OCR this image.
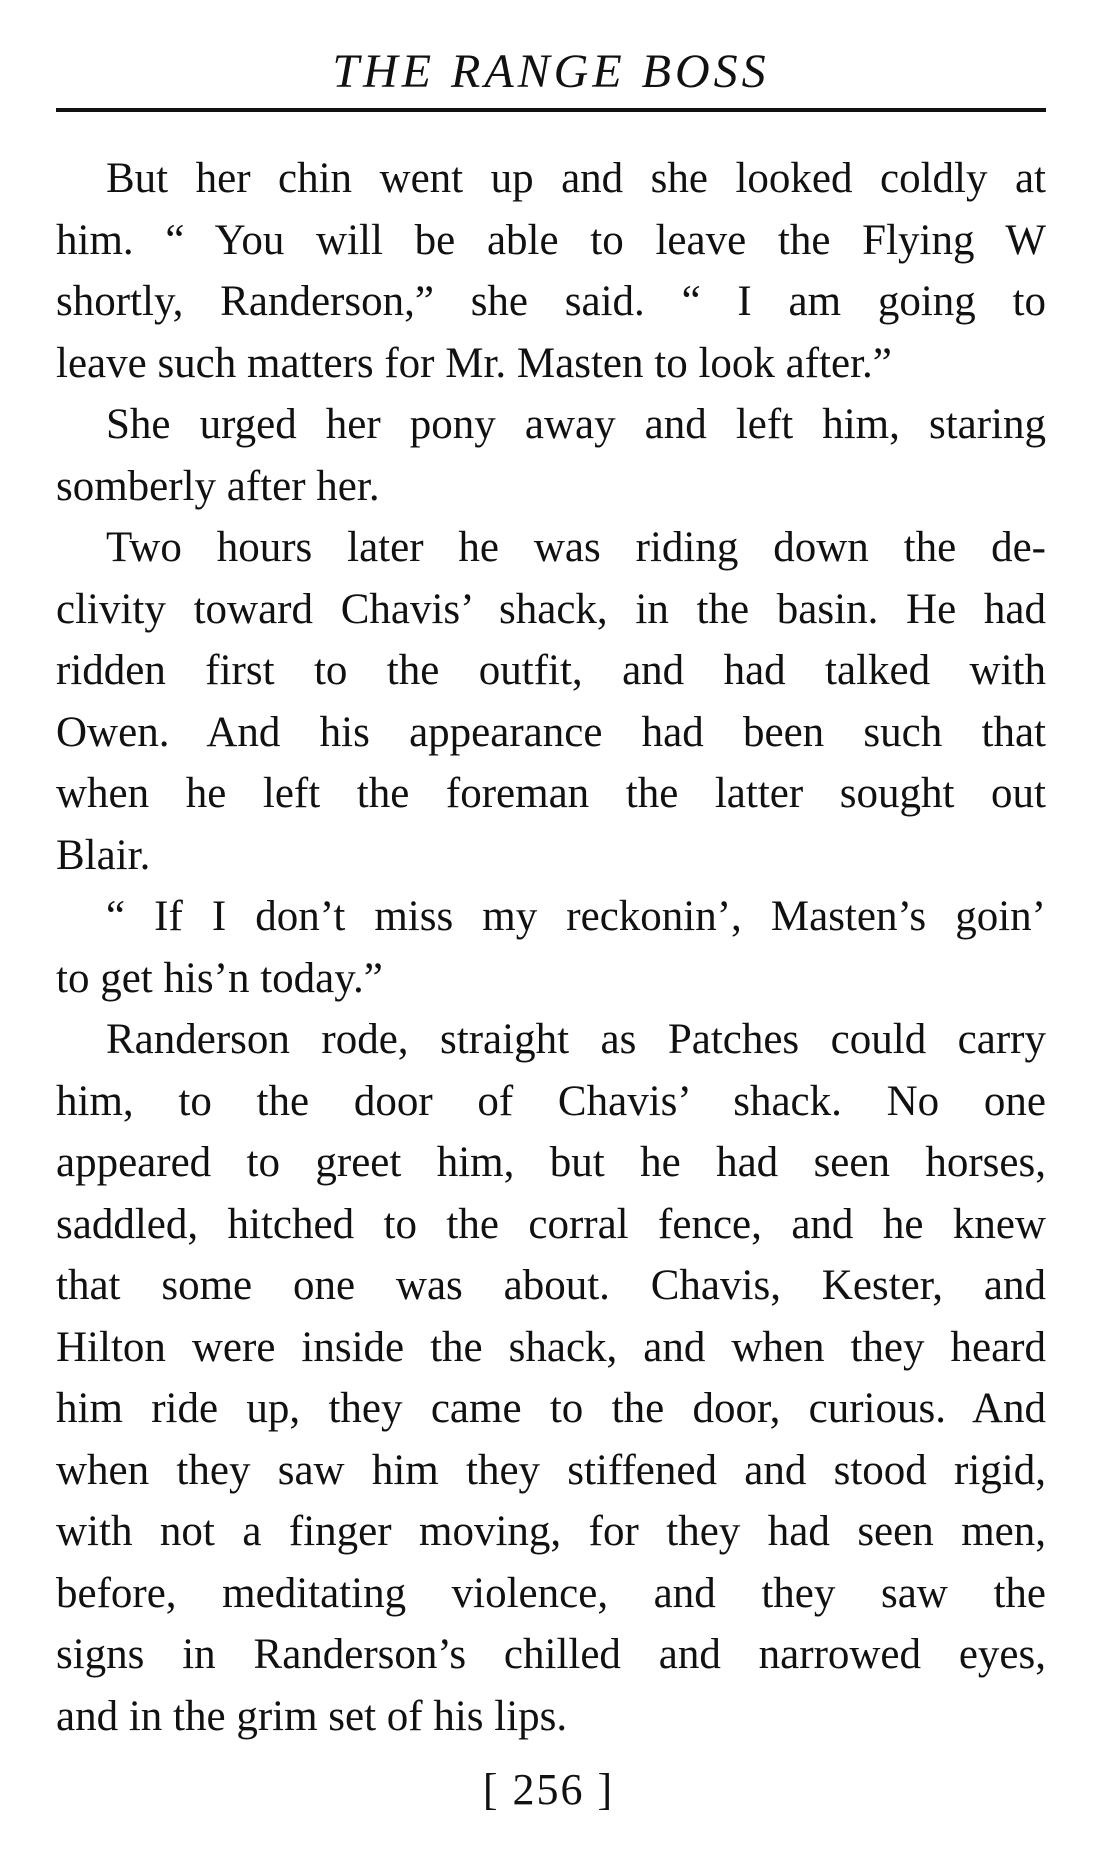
THE RANGE BOSS

But her chin went up and she looked coldly at

him. “ You will be able to leave the Flying W

shortly, Randerson,” she said. “ I am going to

leave such matters for Mr. Masten to look after.”

She urged her pony away and left him, staring

somberly after her.

Two hours later he was riding down the de-

clivity toward Chavis’ shack, in the basin. He had

ridden first to the outfit, and had talked with

Owen. And his appearance had been such that

when he left the foreman the latter sought out

Blair.

“ If I don’t miss my reckonin’, Masten’s goin’

to get his’n today.”

Randerson rode, straight as Patches could carry

him, to the door of Chavis’ shack. No one

appeared to greet him, but he had seen horses,

saddled, hitched to the corral fence, and he knew

that some one was about. Chavis, Kester, and

Hilton were inside the shack, and when they heard

him ride up, they came to the door, curious. And

when they saw him they stiffened and stood rigid,

with not a finger moving, for they had seen men,

before, meditating violence, and they saw the

signs in Randerson’s chilled and narrowed eyes,

and in the grim set of his lips.

[ 256 ]
